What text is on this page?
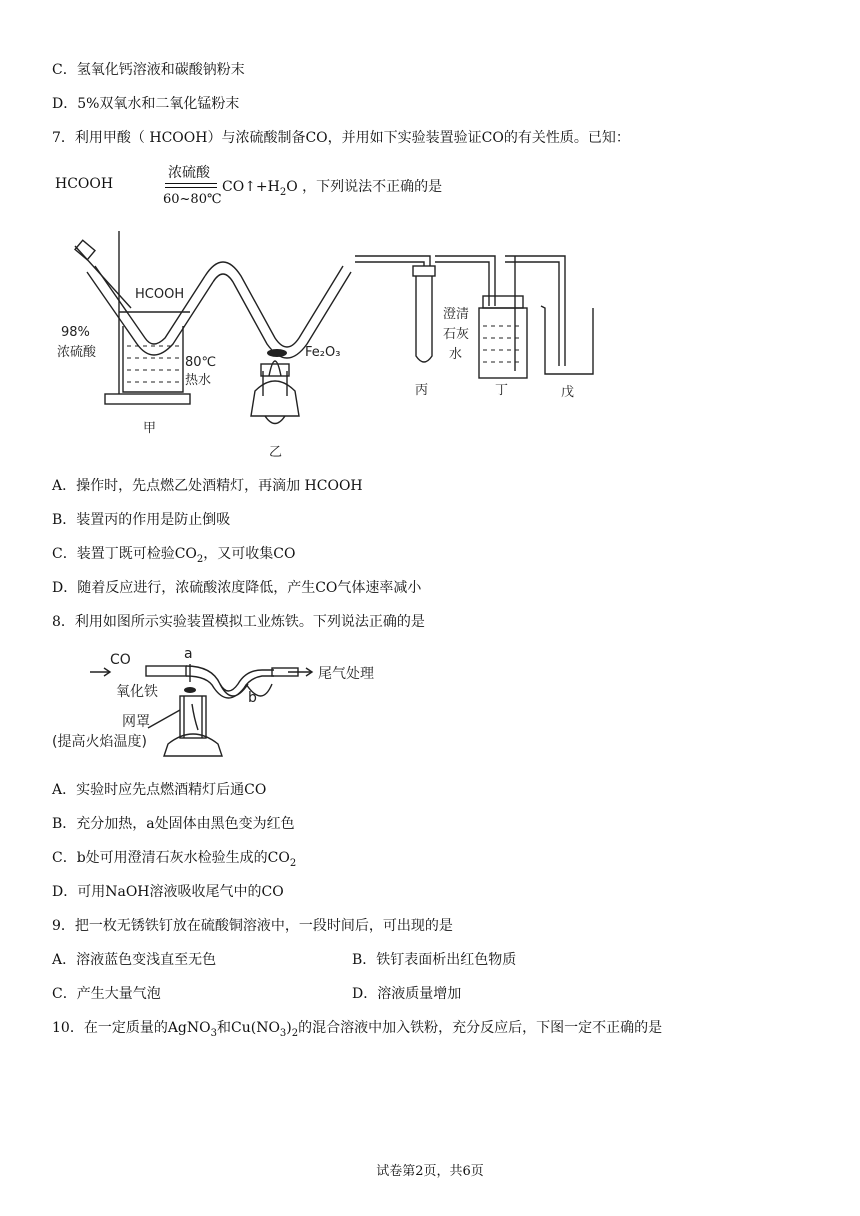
C．氢氧化钙溶液和碳酸钠粉末
D．5%双氧水和二氧化锰粉末
7．利用甲酸（ HCOOH）与浓硫酸制备CO，并用如下实验装置验证CO的有关性质。已知：
HCOOH
浓硫酸
60~80℃
$CO↑+H_2O$ ，下列说法不正确的是
HCOOH
98%
浓硫酸
80℃
热水
Fe₂O₃
澄清
石灰
水
甲
乙
丙	丁	戊
A．操作时，先点燃乙处酒精灯，再滴加 HCOOH
B．装置丙的作用是防止倒吸
C．装置丁既可检验$CO_2$，又可收集CO
D．随着反应进行，浓硫酸浓度降低，产生CO气体速率减小
8．利用如图所示实验装置模拟工业炼铁。下列说法正确的是
CO	a
尾气处理
氧化铁	b
网罩
(提高火焰温度)
A．实验时应先点燃酒精灯后通CO
B．充分加热，a处固体由黑色变为红色
C．b处可用澄清石灰水检验生成的$CO_2$
D．可用NaOH溶液吸收尾气中的CO
9．把一枚无锈铁钉放在硫酸铜溶液中，一段时间后，可出现的是
A．溶液蓝色变浅直至无色	B．铁钉表面析出红色物质
C．产生大量气泡	D．溶液质量增加
10．在一定质量的AgNO$_3$和$Cu(NO_3)_2$的混合溶液中加入铁粉，充分反应后，下图一定不正确的是
试卷第2页，共6页
